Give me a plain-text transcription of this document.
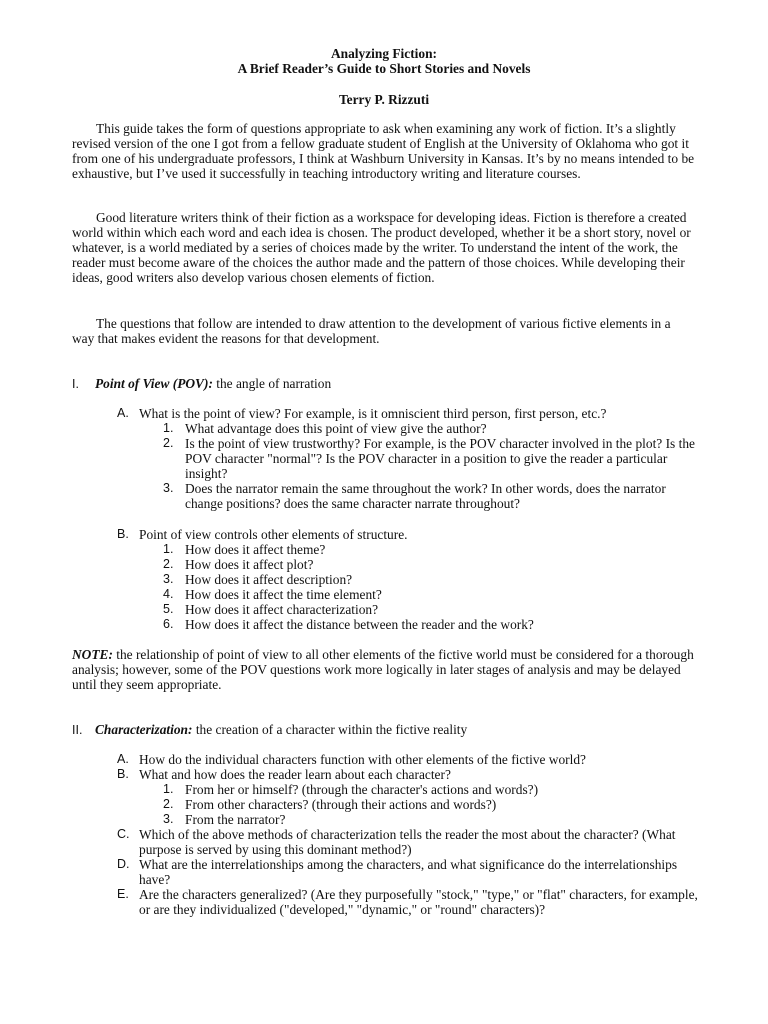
Analyzing Fiction:
A Brief Reader’s Guide to Short Stories and Novels
Terry P. Rizzuti

This guide takes the form of questions appropriate to ask when examining any work of fiction. It’s a slightly revised version of the one I got from a fellow graduate student of English at the University of Oklahoma who got it from one of his undergraduate professors, I think at Washburn University in Kansas. It’s by no means intended to be exhaustive, but I’ve used it successfully in teaching introductory writing and literature courses.

Good literature writers think of their fiction as a workspace for developing ideas. Fiction is therefore a created world within which each word and each idea is chosen. The product developed, whether it be a short story, novel or whatever, is a world mediated by a series of choices made by the writer. To understand the intent of the work, the reader must become aware of the choices the author made and the pattern of those choices. While developing their ideas, good writers also develop various chosen elements of fiction.

The questions that follow are intended to draw attention to the development of various fictive elements in a way that makes evident the reasons for that development.

I. Point of View (POV): the angle of narration
A. What is the point of view? For example, is it omniscient third person, first person, etc.?
1. What advantage does this point of view give the author?
2. Is the point of view trustworthy? For example, is the POV character involved in the plot? Is the POV character "normal"? Is the POV character in a position to give the reader a particular insight?
3. Does the narrator remain the same throughout the work? In other words, does the narrator change positions? does the same character narrate throughout?
B. Point of view controls other elements of structure.
1. How does it affect theme?
2. How does it affect plot?
3. How does it affect description?
4. How does it affect the time element?
5. How does it affect characterization?
6. How does it affect the distance between the reader and the work?
NOTE: the relationship of point of view to all other elements of the fictive world must be considered for a thorough analysis; however, some of the POV questions work more logically in later stages of analysis and may be delayed until they seem appropriate.
II. Characterization: the creation of a character within the fictive reality
A. How do the individual characters function with other elements of the fictive world?
B. What and how does the reader learn about each character?
1. From her or himself? (through the character's actions and words?)
2. From other characters? (through their actions and words?)
3. From the narrator?
C. Which of the above methods of characterization tells the reader the most about the character? (What purpose is served by using this dominant method?)
D. What are the interrelationships among the characters, and what significance do the interrelationships have?
E. Are the characters generalized? (Are they purposefully "stock," "type," or "flat" characters, for example, or are they individualized ("developed," "dynamic," or "round" characters)?
